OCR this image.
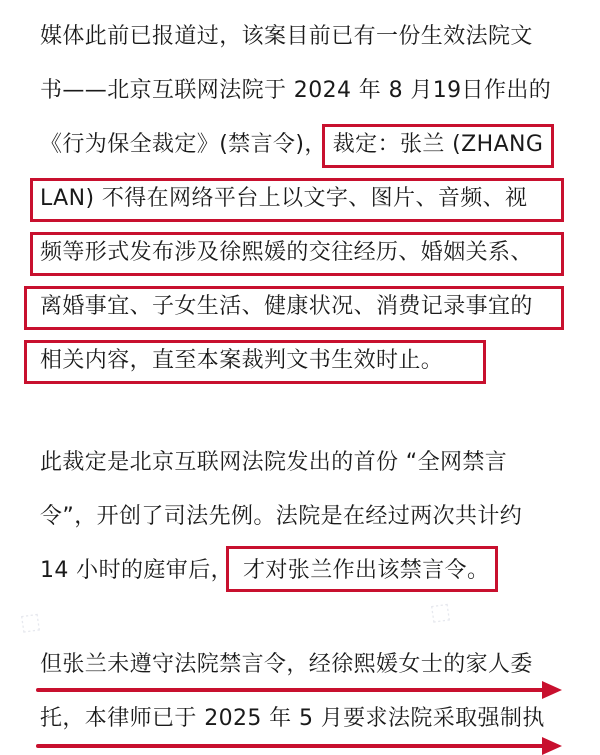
⬚
⬚
媒体此前已报道过，该案目前已有一份生效法院文
书——北京互联网法院于 2024 年 8 月19日作出的
《行为保全裁定》(禁言令)， 裁定：张兰 (ZHANG
LAN) 不得在网络平台上以文字、图片、音频、视
频等形式发布涉及徐熙媛的交往经历、婚姻关系、
离婚事宜、子女生活、健康状况、消费记录事宜的
相关内容，直至本案裁判文书生效时止。
此裁定是北京互联网法院发出的首份 “全网禁言
令”，开创了司法先例。法院是在经过两次共计约
14 小时的庭审后， 才对张兰作出该禁言令。
但张兰未遵守法院禁言令，经徐熙媛女士的家人委
托，本律师已于 2025 年 5 月要求法院采取强制执
